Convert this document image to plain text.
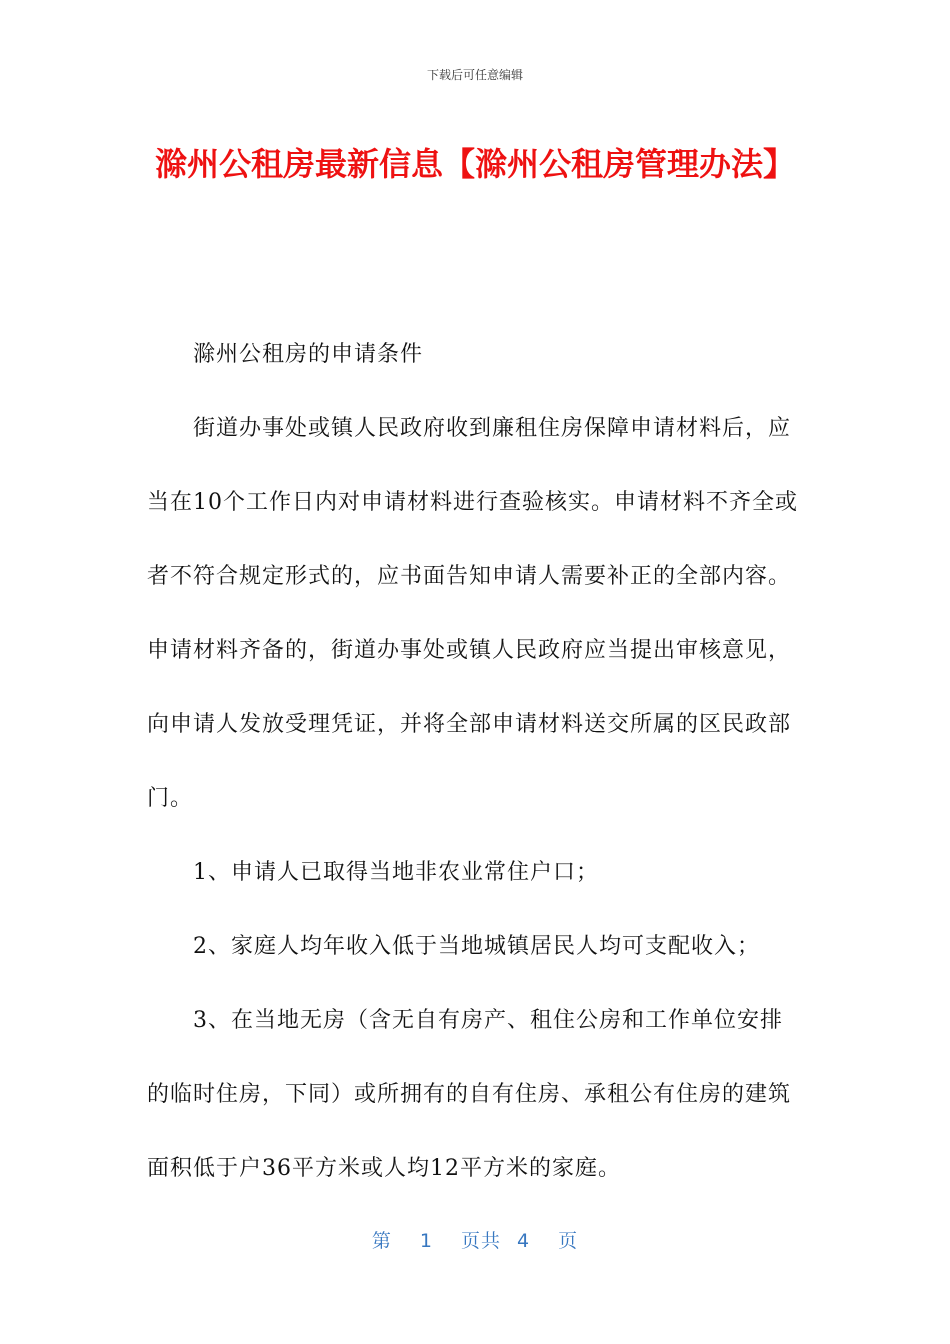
下载后可任意编辑
滁州公租房最新信息【滁州公租房管理办法】

滁州公租房的申请条件

街道办事处或镇人民政府收到廉租住房保障申请材料后，应当在10个工作日内对申请材料进行查验核实。申请材料不齐全或者不符合规定形式的，应书面告知申请人需要补正的全部内容。申请材料齐备的，街道办事处或镇人民政府应当提出审核意见，向申请人发放受理凭证，并将全部申请材料送交所属的区民政部门。

1、申请人已取得当地非农业常住户口；

2、家庭人均年收入低于当地城镇居民人均可支配收入；

3、在当地无房（含无自有房产、租住公房和工作单位安排的临时住房，下同）或所拥有的自有住房、承租公有住房的建筑面积低于户36平方米或人均12平方米的家庭。

第 1 页共 4 页
